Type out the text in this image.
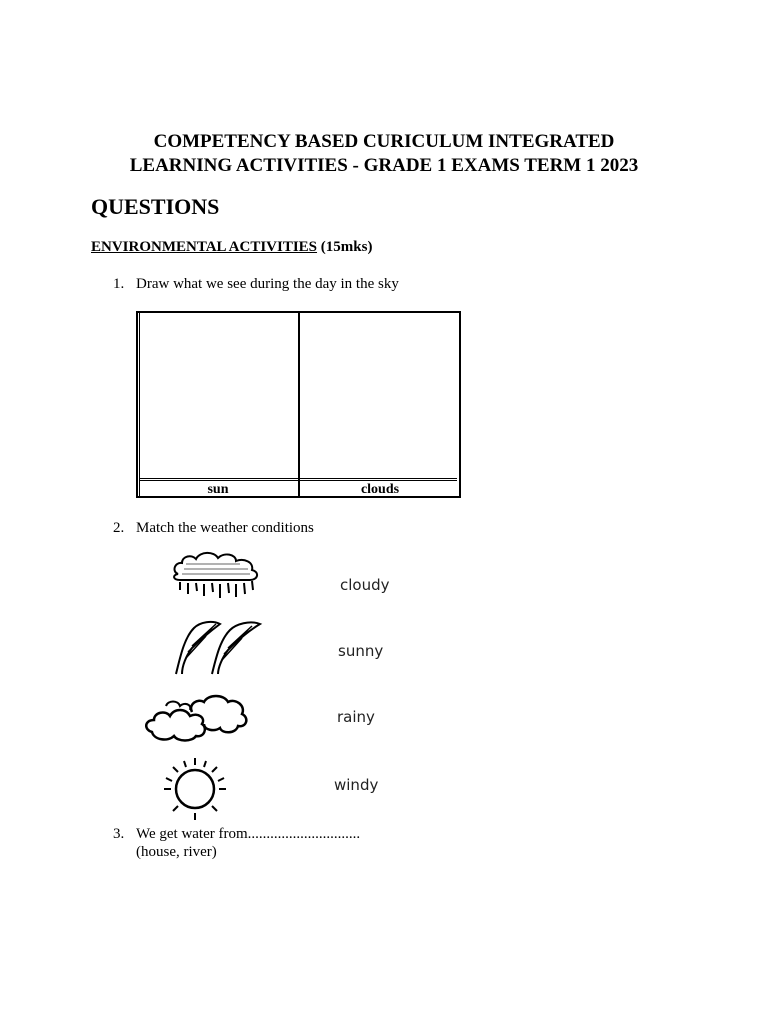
COMPETENCY BASED CURICULUM INTEGRATED
LEARNING ACTIVITIES - GRADE 1 EXAMS TERM 1 2023
QUESTIONS
ENVIRONMENTAL ACTIVITIES (15mks)
1. Draw what we see during the day in the sky
sun	clouds
2. Match the weather conditions
cloudy
sunny
rainy
windy
3. We get water from..............................
(house, river)
